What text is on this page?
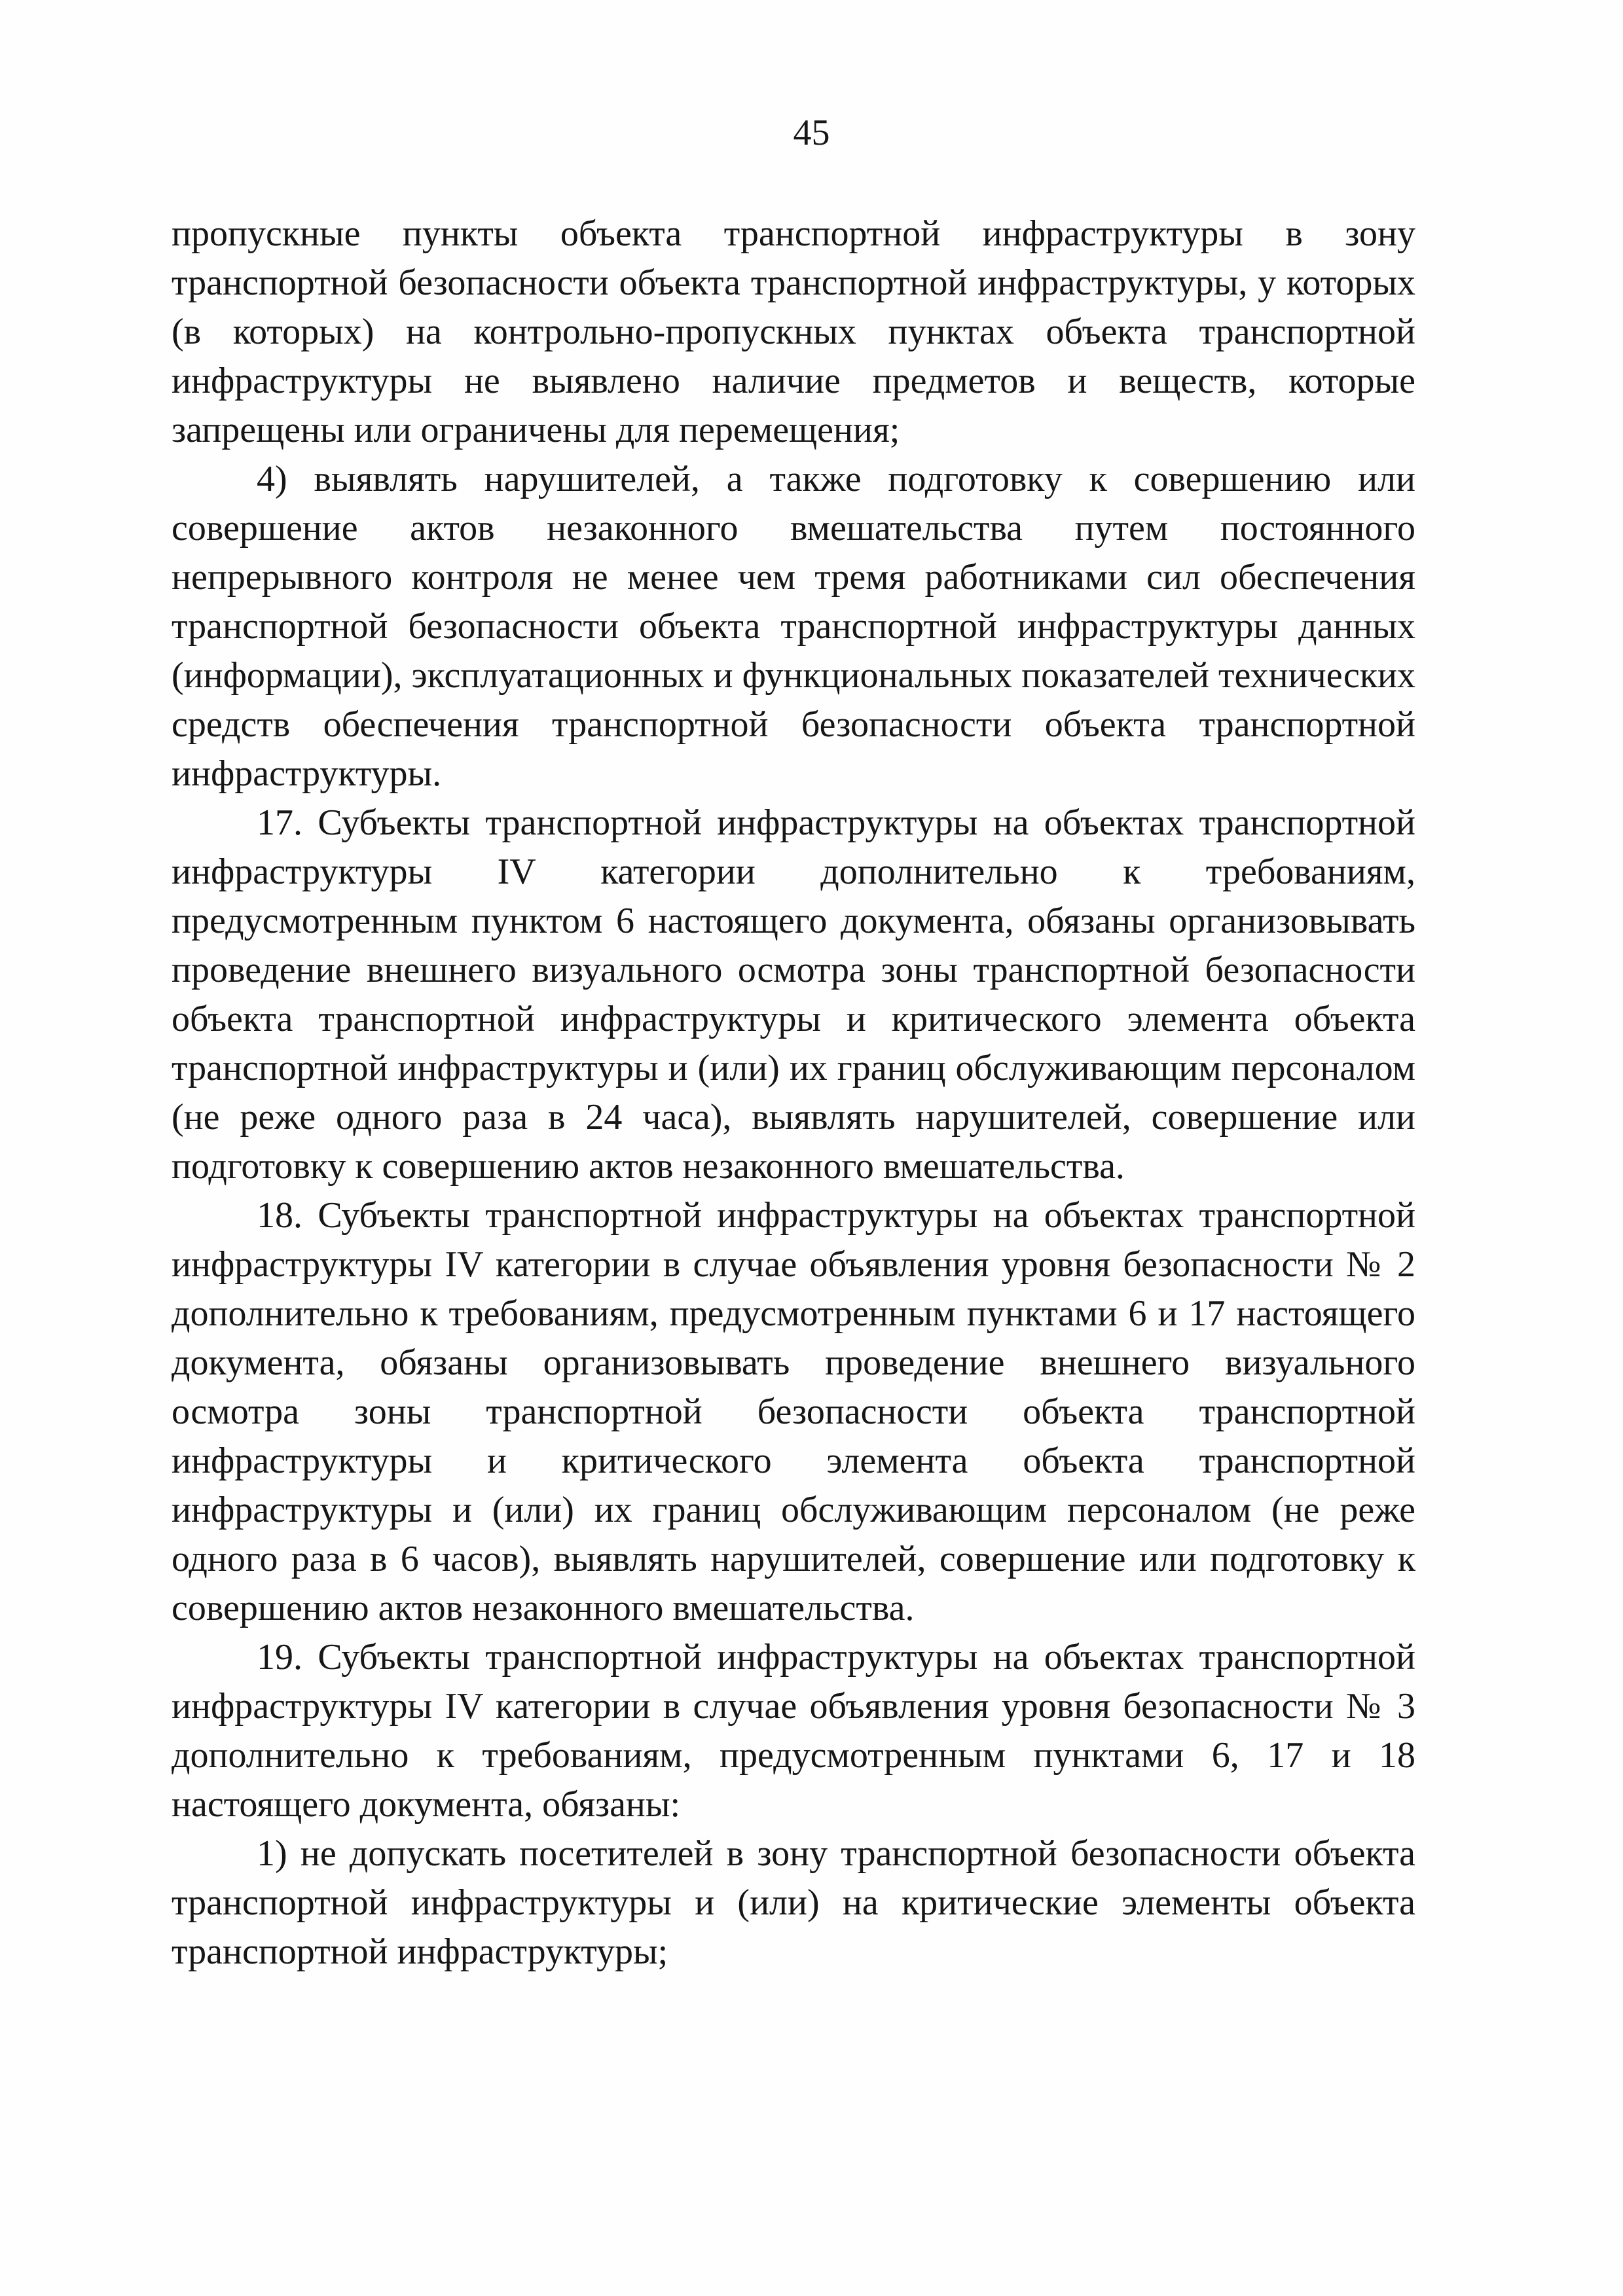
45

пропускные пункты объекта транспортной инфраструктуры в зону транспортной безопасности объекта транспортной инфраструктуры, у которых (в которых) на контрольно-пропускных пунктах объекта транспортной инфраструктуры не выявлено наличие предметов и веществ, которые запрещены или ограничены для перемещения;

4) выявлять нарушителей, а также подготовку к совершению или совершение актов незаконного вмешательства путем постоянного непрерывного контроля не менее чем тремя работниками сил обеспечения транспортной безопасности объекта транспортной инфраструктуры данных (информации), эксплуатационных и функциональных показателей технических средств обеспечения транспортной безопасности объекта транспортной инфраструктуры.

17. Субъекты транспортной инфраструктуры на объектах транспортной инфраструктуры IV категории дополнительно к требованиям, предусмотренным пунктом 6 настоящего документа, обязаны организовывать проведение внешнего визуального осмотра зоны транспортной безопасности объекта транспортной инфраструктуры и критического элемента объекта транспортной инфраструктуры и (или) их границ обслуживающим персоналом (не реже одного раза в 24 часа), выявлять нарушителей, совершение или подготовку к совершению актов незаконного вмешательства.

18. Субъекты транспортной инфраструктуры на объектах транспортной инфраструктуры IV категории в случае объявления уровня безопасности № 2 дополнительно к требованиям, предусмотренным пунктами 6 и 17 настоящего документа, обязаны организовывать проведение внешнего визуального осмотра зоны транспортной безопасности объекта транспортной инфраструктуры и критического элемента объекта транспортной инфраструктуры и (или) их границ обслуживающим персоналом (не реже одного раза в 6 часов), выявлять нарушителей, совершение или подготовку к совершению актов незаконного вмешательства.

19. Субъекты транспортной инфраструктуры на объектах транспортной инфраструктуры IV категории в случае объявления уровня безопасности № 3 дополнительно к требованиям, предусмотренным пунктами 6, 17 и 18 настоящего документа, обязаны:

1) не допускать посетителей в зону транспортной безопасности объекта транспортной инфраструктуры и (или) на критические элементы объекта транспортной инфраструктуры;
